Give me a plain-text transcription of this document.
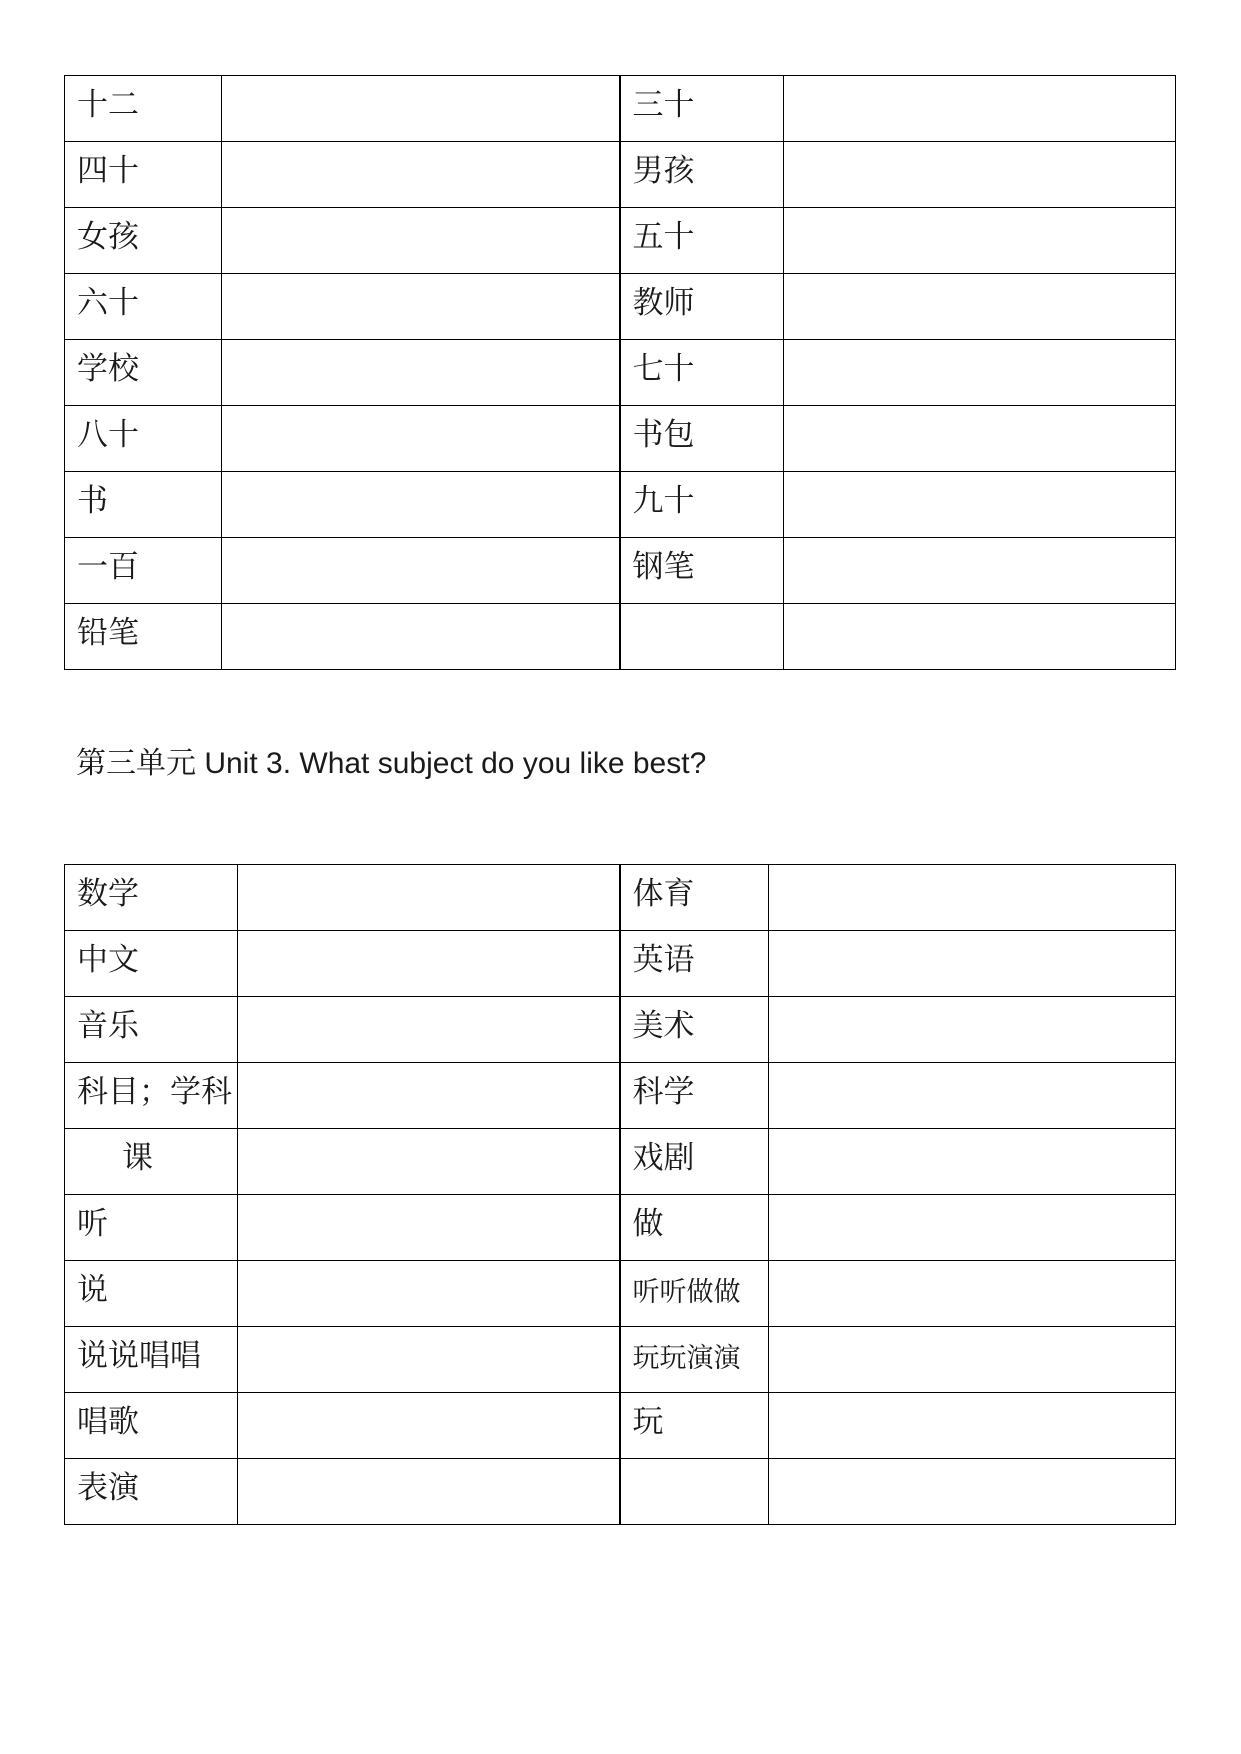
十二		三十	
四十		男孩	
女孩		五十	
六十		教师	
学校		七十	
八十		书包	
书		九十	
一百		钢笔	
铅笔			
第三单元 Unit 3. What subject do you like best?
数学		体育	
中文		英语	
音乐		美术	
科目；学科		科学	
课		戏剧	
听		做	
说		听听做做	
说说唱唱		玩玩演演	
唱歌		玩	
表演			
